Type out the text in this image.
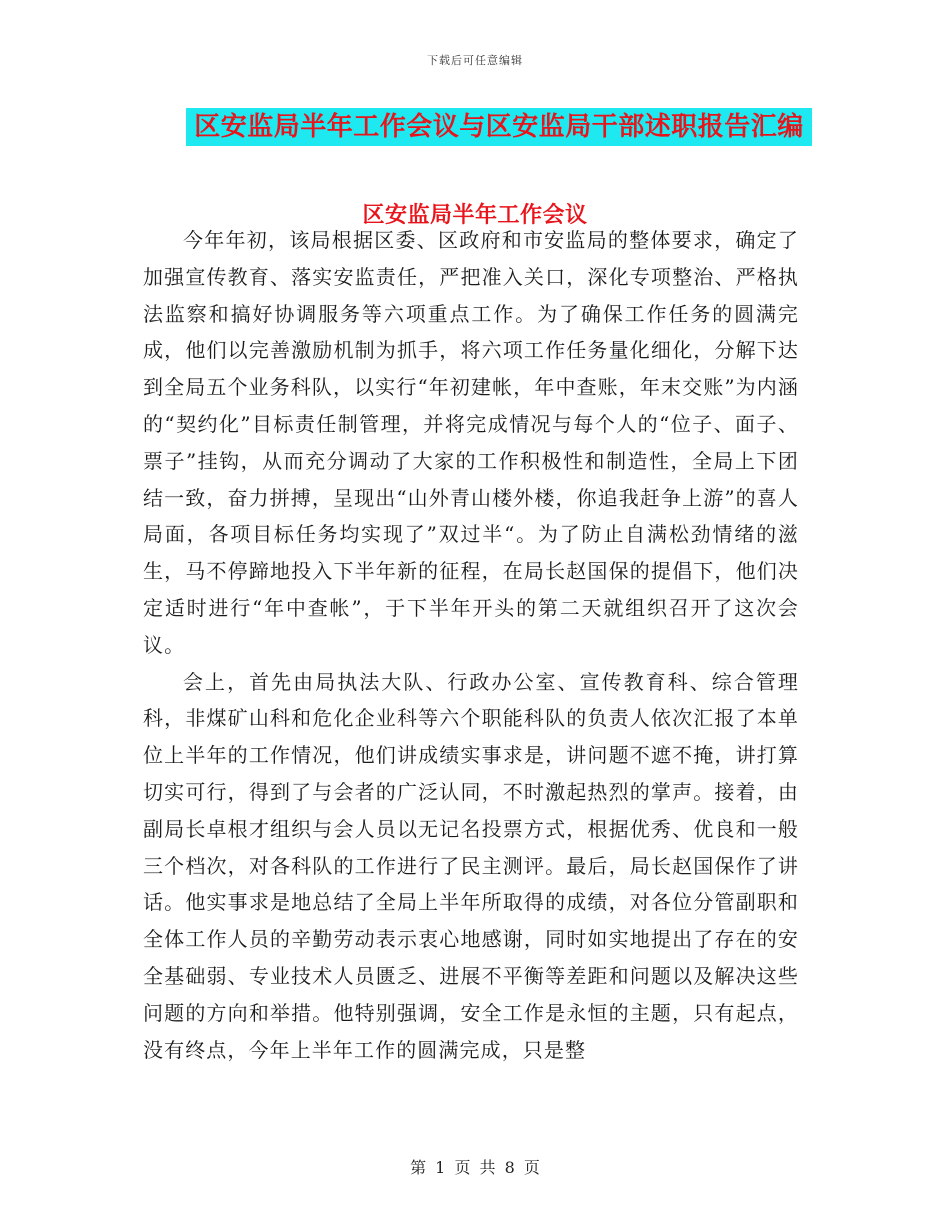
下载后可任意编辑
区安监局半年工作会议与区安监局干部述职报告汇编
区安监局半年工作会议

今年年初，该局根据区委、区政府和市安监局的整体要求，确定了加强宣传教育、落实安监责任，严把准入关口，深化专项整治、严格执法监察和搞好协调服务等六项重点工作。为了确保工作任务的圆满完成，他们以完善激励机制为抓手，将六项工作任务量化细化，分解下达到全局五个业务科队，以实行“年初建帐，年中查账，年末交账”为内涵的“契约化”目标责任制管理，并将完成情况与每个人的“位子、面子、票子”挂钩，从而充分调动了大家的工作积极性和制造性，全局上下团结一致，奋力拼搏，呈现出“山外青山楼外楼，你追我赶争上游”的喜人局面，各项目标任务均实现了”双过半“。为了防止自满松劲情绪的滋生，马不停蹄地投入下半年新的征程，在局长赵国保的提倡下，他们决定适时进行“年中查帐”，于下半年开头的第二天就组织召开了这次会议。

会上，首先由局执法大队、行政办公室、宣传教育科、综合管理科，非煤矿山科和危化企业科等六个职能科队的负责人依次汇报了本单位上半年的工作情况，他们讲成绩实事求是，讲问题不遮不掩，讲打算切实可行，得到了与会者的广泛认同，不时激起热烈的掌声。接着，由副局长卓根才组织与会人员以无记名投票方式，根据优秀、优良和一般三个档次，对各科队的工作进行了民主测评。最后，局长赵国保作了讲话。他实事求是地总结了全局上半年所取得的成绩，对各位分管副职和全体工作人员的辛勤劳动表示衷心地感谢，同时如实地提出了存在的安全基础弱、专业技术人员匮乏、进展不平衡等差距和问题以及解决这些问题的方向和举措。他特别强调，安全工作是永恒的主题，只有起点，没有终点，今年上半年工作的圆满完成，只是整

第 1 页 共 8 页
